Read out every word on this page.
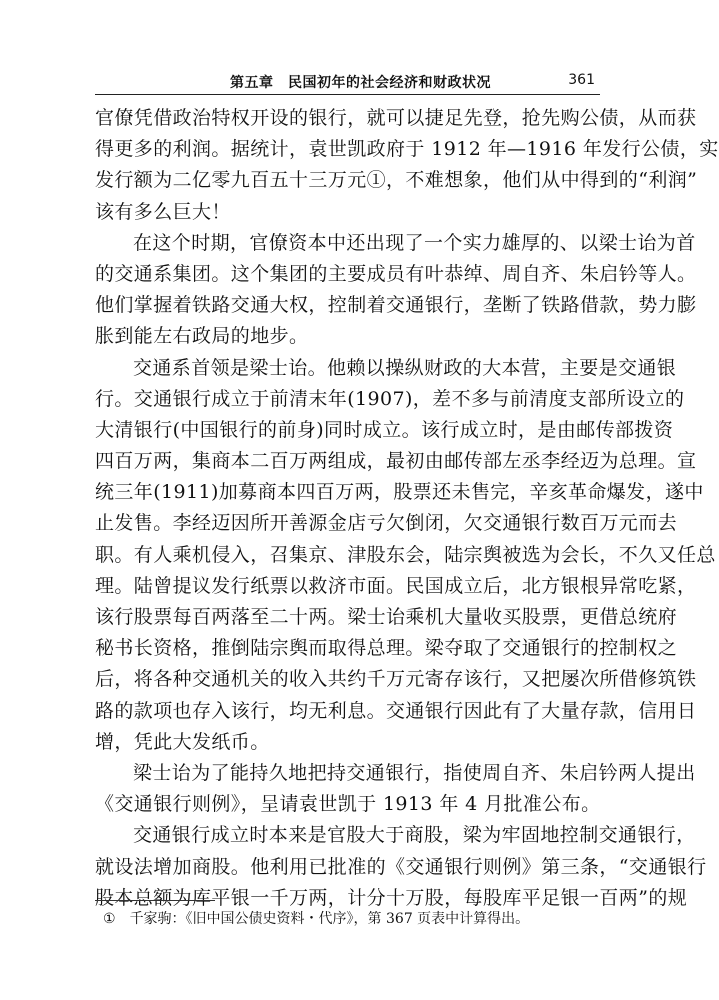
第五章　民国初年的社会经济和财政状况	361
官僚凭借政治特权开设的银行，就可以捷足先登，抢先购公债，从而获
得更多的利润。据统计，袁世凯政府于 1912 年—1916 年发行公债，实
发行额为二亿零九百五十三万元①，不难想象，他们从中得到的“利润”
该有多么巨大！
在这个时期，官僚资本中还出现了一个实力雄厚的、以梁士诒为首
的交通系集团。这个集团的主要成员有叶恭绰、周自齐、朱启钤等人。
他们掌握着铁路交通大权，控制着交通银行，垄断了铁路借款，势力膨
胀到能左右政局的地步。
交通系首领是梁士诒。他赖以操纵财政的大本营，主要是交通银
行。交通银行成立于前清末年(1907)，差不多与前清度支部所设立的
大清银行(中国银行的前身)同时成立。该行成立时，是由邮传部拨资
四百万两，集商本二百万两组成，最初由邮传部左丞李经迈为总理。宣
统三年(1911)加募商本四百万两，股票还未售完，辛亥革命爆发，遂中
止发售。李经迈因所开善源金店亏欠倒闭，欠交通银行数百万元而去
职。有人乘机侵入，召集京、津股东会，陆宗舆被选为会长，不久又任总
理。陆曾提议发行纸票以救济市面。民国成立后，北方银根异常吃紧，
该行股票每百两落至二十两。梁士诒乘机大量收买股票，更借总统府
秘书长资格，推倒陆宗舆而取得总理。梁夺取了交通银行的控制权之
后，将各种交通机关的收入共约千万元寄存该行，又把屡次所借修筑铁
路的款项也存入该行，均无利息。交通银行因此有了大量存款，信用日
增，凭此大发纸币。
梁士诒为了能持久地把持交通银行，指使周自齐、朱启钤两人提出
《交通银行则例》，呈请袁世凯于 1913 年 4 月批准公布。
交通银行成立时本来是官股大于商股，梁为牢固地控制交通银行，
就设法增加商股。他利用已批准的《交通银行则例》第三条，“交通银行
股本总额为库平银一千万两，计分十万股，每股库平足银一百两”的规
① 千家驹：《旧中国公债史资料・代序》，第 367 页表中计算得出。
